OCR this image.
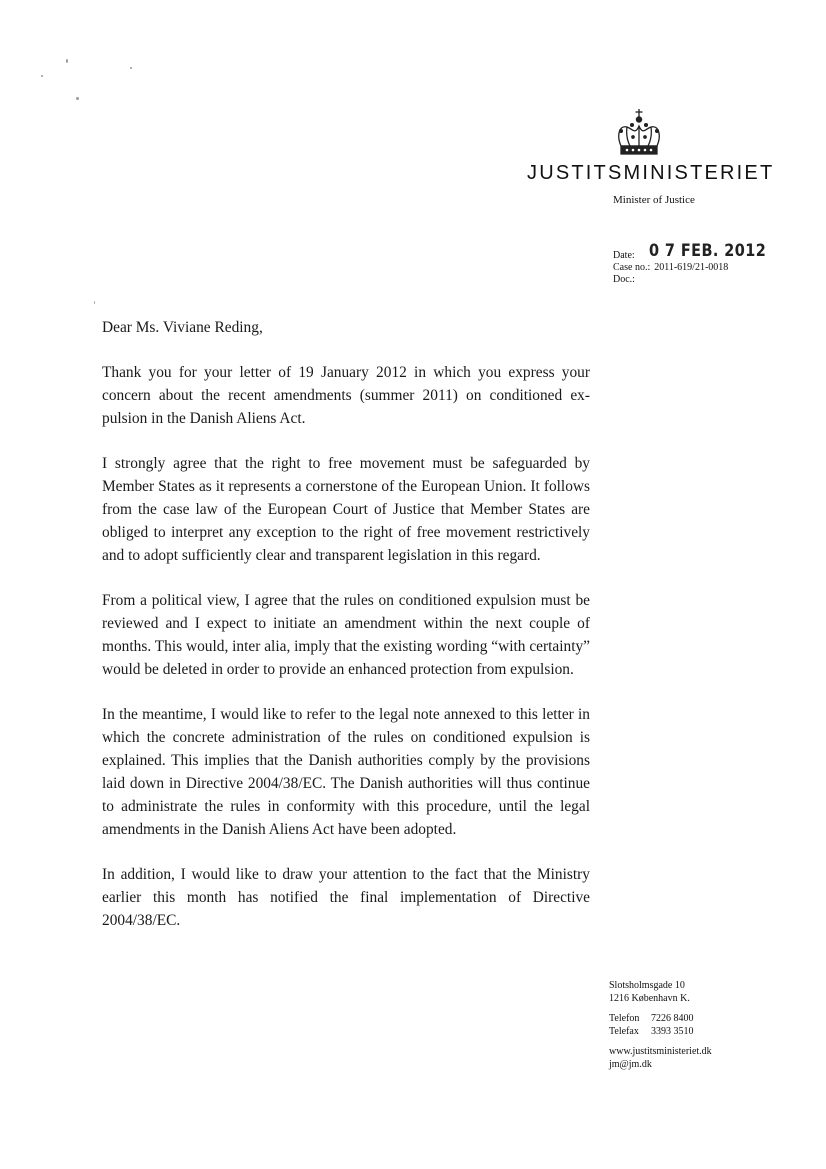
JUSTITSMINISTERIET
Minister of Justice
Date: 0 7 FEB. 2012
Case no.: 2011-619/21-0018
Doc.:

Dear Ms. Viviane Reding,

Thank you for your letter of 19 January 2012 in which you express your concern about the recent amendments (summer 2011) on conditioned expulsion in the Danish Aliens Act.

I strongly agree that the right to free movement must be safeguarded by Member States as it represents a cornerstone of the European Union. It follows from the case law of the European Court of Justice that Member States are obliged to interpret any exception to the right of free movement restrictively and to adopt sufficiently clear and transparent legislation in this regard.

From a political view, I agree that the rules on conditioned expulsion must be reviewed and I expect to initiate an amendment within the next couple of months. This would, inter alia, imply that the existing wording “with certainty” would be deleted in order to provide an enhanced protection from expulsion.

In the meantime, I would like to refer to the legal note annexed to this letter in which the concrete administration of the rules on conditioned expulsion is explained. This implies that the Danish authorities comply by the provisions laid down in Directive 2004/38/EC. The Danish authorities will thus continue to administrate the rules in conformity with this procedure, until the legal amendments in the Danish Aliens Act have been adopted.

In addition, I would like to draw your attention to the fact that the Ministry earlier this month has notified the final implementation of Directive 2004/38/EC.

Slotsholmsgade 10
1216 København K.
Telefon	7226 8400
Telefax	3393 3510
www.justitsministeriet.dk
jm@jm.dk
